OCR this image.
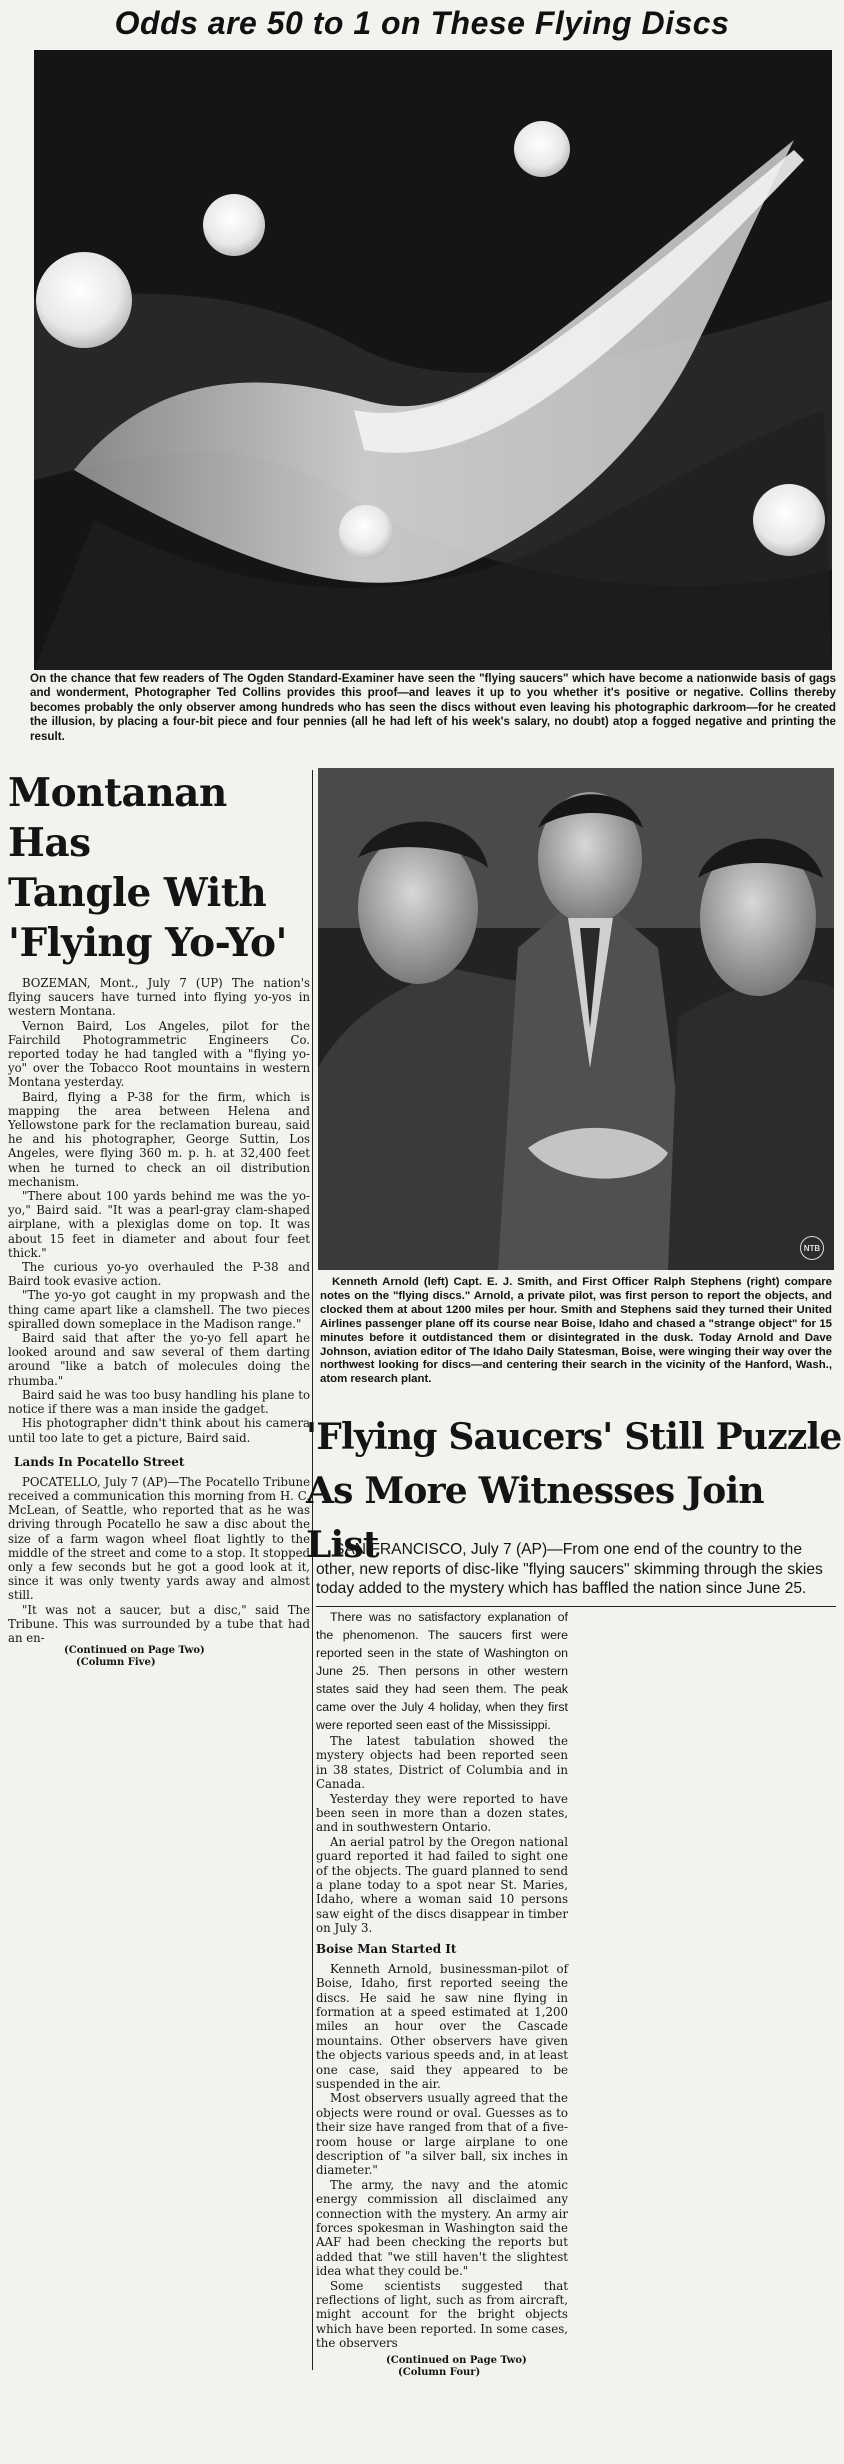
Odds are 50 to 1 on These Flying Discs

On the chance that few readers of The Ogden Standard-Examiner have seen the "flying saucers" which have become a nationwide basis of gags and wonderment, Photographer Ted Collins provides this proof—and leaves it up to you whether it's positive or negative. Collins thereby becomes probably the only observer among hundreds who has seen the discs without even leaving his photographic darkroom—for he created the illusion, by placing a four-bit piece and four pennies (all he had left of his week's salary, no doubt) atop a fogged negative and printing the result.

Montanan Has
Tangle With
'Flying Yo-Yo'

BOZEMAN, Mont., July 7 (UP) The nation's flying saucers have turned into flying yo-yos in western Montana.

Vernon Baird, Los Angeles, pilot for the Fairchild Photogrammetric Engineers Co. reported today he had tangled with a "flying yo-yo" over the Tobacco Root mountains in western Montana yesterday.

Baird, flying a P-38 for the firm, which is mapping the area between Helena and Yellowstone park for the reclamation bureau, said he and his photographer, George Suttin, Los Angeles, were flying 360 m. p. h. at 32,400 feet when he turned to check an oil distribution mechanism.

"There about 100 yards behind me was the yo-yo," Baird said. "It was a pearl-gray clam-shaped airplane, with a plexiglas dome on top. It was about 15 feet in diameter and about four feet thick."

The curious yo-yo overhauled the P-38 and Baird took evasive action.

"The yo-yo got caught in my propwash and the thing came apart like a clamshell. The two pieces spiralled down someplace in the Madison range."

Baird said that after the yo-yo fell apart he looked around and saw several of them darting around "like a batch of molecules doing the rhumba."

Baird said he was too busy handling his plane to notice if there was a man inside the gadget.

His photographer didn't think about his camera until too late to get a picture, Baird said.

Lands In Pocatello Street

POCATELLO, July 7 (AP)—The Pocatello Tribune received a communication this morning from H. C. McLean, of Seattle, who reported that as he was driving through Pocatello he saw a disc about the size of a farm wagon wheel float lightly to the middle of the street and come to a stop. It stopped only a few seconds but he got a good look at it, since it was only twenty yards away and almost still.

"It was not a saucer, but a disc," said The Tribune. This was surrounded by a tube that had an en-

(Continued on Page Two)
(Column Five)
NTB

Kenneth Arnold (left) Capt. E. J. Smith, and First Officer Ralph Stephens (right) compare notes on the "flying discs." Arnold, a private pilot, was first person to report the objects, and clocked them at about 1200 miles per hour. Smith and Stephens said they turned their United Airlines passenger plane off its course near Boise, Idaho and chased a "strange object" for 15 minutes before it outdistanced them or disintegrated in the dusk. Today Arnold and Dave Johnson, aviation editor of The Idaho Daily Statesman, Boise, were winging their way over the northwest looking for discs—and centering their search in the vicinity of the Hanford, Wash., atom research plant.

'Flying Saucers' Still Puzzle
As More Witnesses Join List

SAN FRANCISCO, July 7 (AP)—From one end of the country to the other, new reports of disc-like "flying saucers" skimming through the skies today added to the mystery which has baffled the nation since June 25.

There was no satisfactory explanation of the phenomenon. The saucers first were reported seen in the state of Washington on June 25. Then persons in other western states said they had seen them. The peak came over the July 4 holiday, when they first were reported seen east of the Mississippi.

The latest tabulation showed the mystery objects had been reported seen in 38 states, District of Columbia and in Canada.

Yesterday they were reported to have been seen in more than a dozen states, and in southwestern Ontario.

An aerial patrol by the Oregon national guard reported it had failed to sight one of the objects. The guard planned to send a plane today to a spot near St. Maries, Idaho, where a woman said 10 persons saw eight of the discs disappear in timber on July 3.

Boise Man Started It

Kenneth Arnold, businessman-pilot of Boise, Idaho, first reported seeing the discs. He said he saw nine flying in formation at a speed estimated at 1,200 miles an hour over the Cascade mountains. Other observers have given the objects various speeds and, in at least one case, said they appeared to be suspended in the air.

Most observers usually agreed that the objects were round or oval. Guesses as to their size have ranged from that of a five-room house or large airplane to one description of "a silver ball, six inches in diameter."

The army, the navy and the atomic energy commission all disclaimed any connection with the mystery. An army air forces spokesman in Washington said the AAF had been checking the reports but added that "we still haven't the slightest idea what they could be."

Some scientists suggested that reflections of light, such as from aircraft, might account for the bright objects which have been reported. In some cases, the observers

(Continued on Page Two)
(Column Four)
